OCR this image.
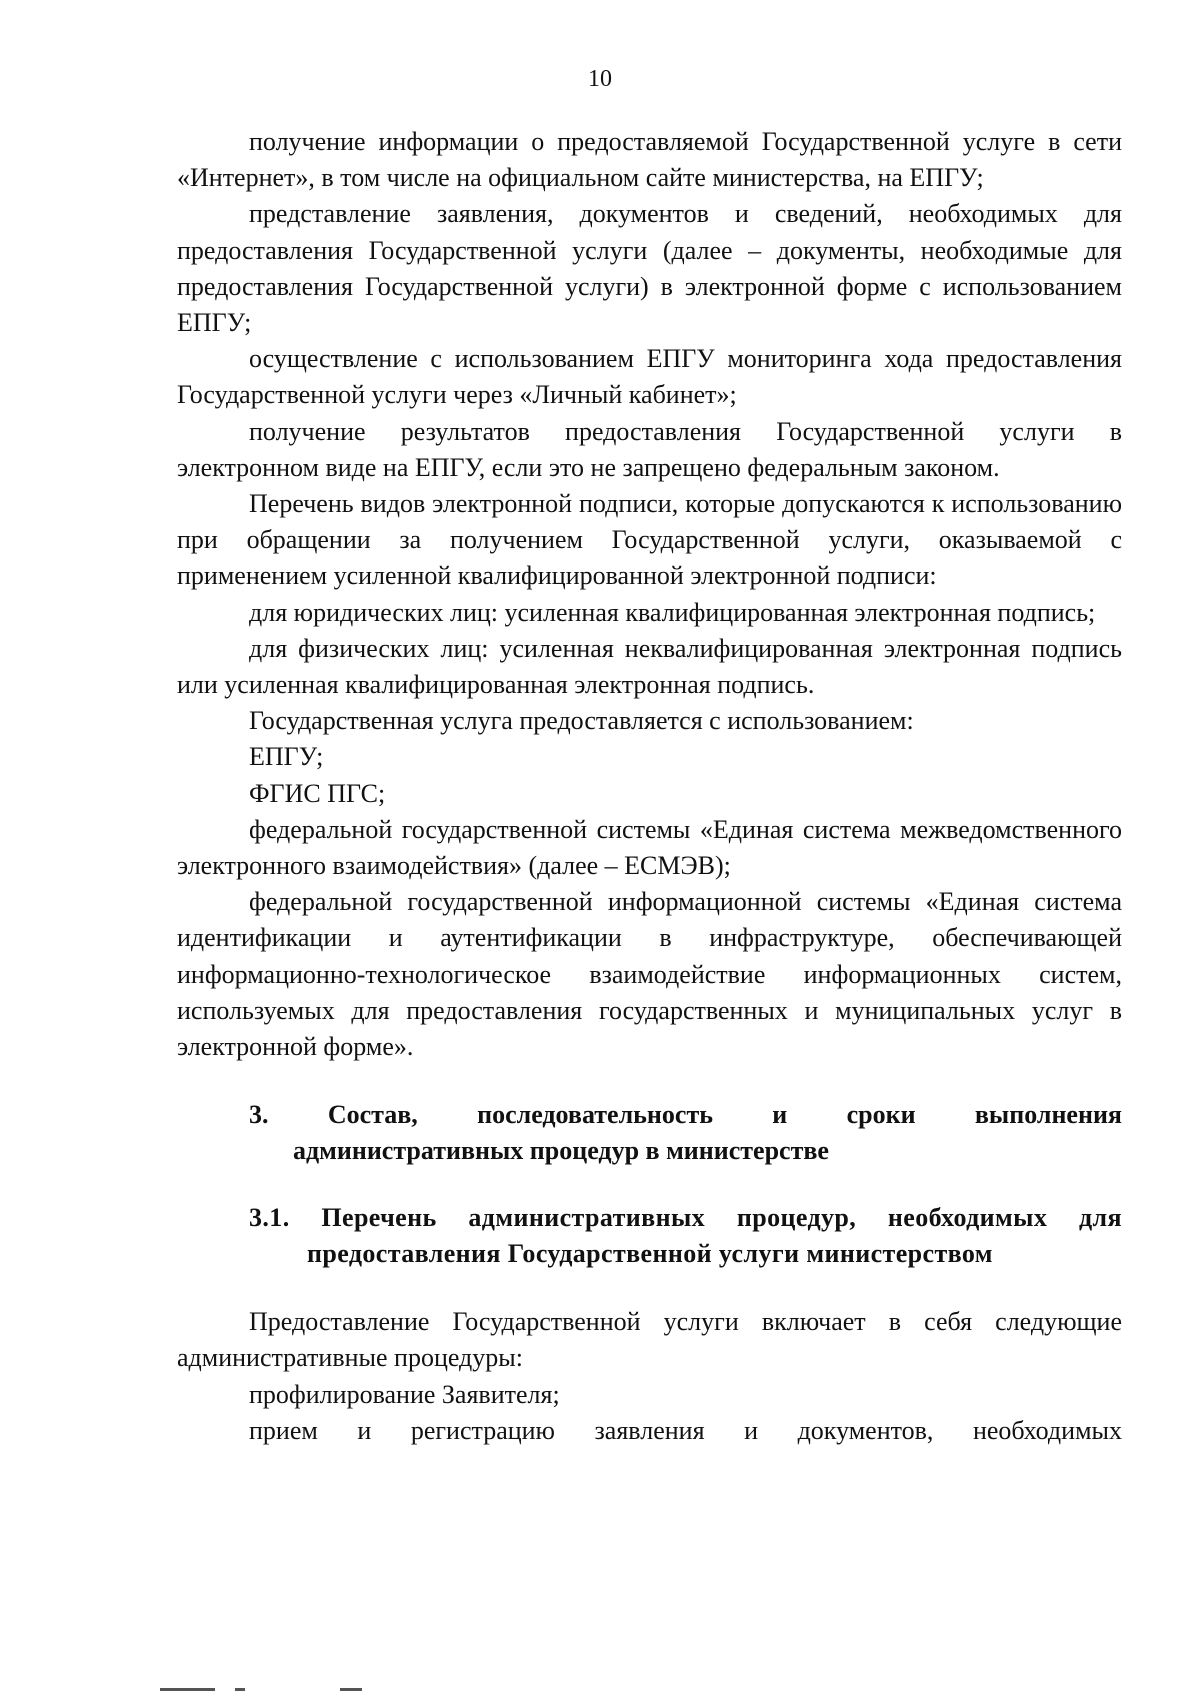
10

получение информации о предоставляемой Государственной услуге в сети «Интернет», в том числе на официальном сайте министерства, на ЕПГУ;

представление заявления, документов и сведений, необходимых для предоставления Государственной услуги (далее – документы, необходимые для предоставления Государственной услуги) в электронной форме с использованием ЕПГУ;

осуществление с использованием ЕПГУ мониторинга хода предоставления Государственной услуги через «Личный кабинет»;

получение результатов предоставления Государственной услуги в электронном виде на ЕПГУ, если это не запрещено федеральным законом.

Перечень видов электронной подписи, которые допускаются к использованию при обращении за получением Государственной услуги, оказываемой с применением усиленной квалифицированной электронной подписи:

для юридических лиц: усиленная квалифицированная электронная подпись;

для физических лиц: усиленная неквалифицированная электронная подпись или усиленная квалифицированная электронная подпись.

Государственная услуга предоставляется с использованием:

ЕПГУ;

ФГИС ПГС;

федеральной государственной системы «Единая система межведомственного электронного взаимодействия» (далее – ЕСМЭВ);

федеральной государственной информационной системы «Единая система идентификации и аутентификации в инфраструктуре, обеспечивающей информационно-технологическое взаимодействие информационных систем, используемых для предоставления государственных и муниципальных услуг в электронной форме».

3. Состав, последовательность и сроки выполнения
административных процедур в министерстве
3.1. Перечень административных процедур, необходимых для
предоставления Государственной услуги министерством

Предоставление Государственной услуги включает в себя следующие административные процедуры:

профилирование Заявителя;

прием и регистрацию заявления и документов, необходимых
